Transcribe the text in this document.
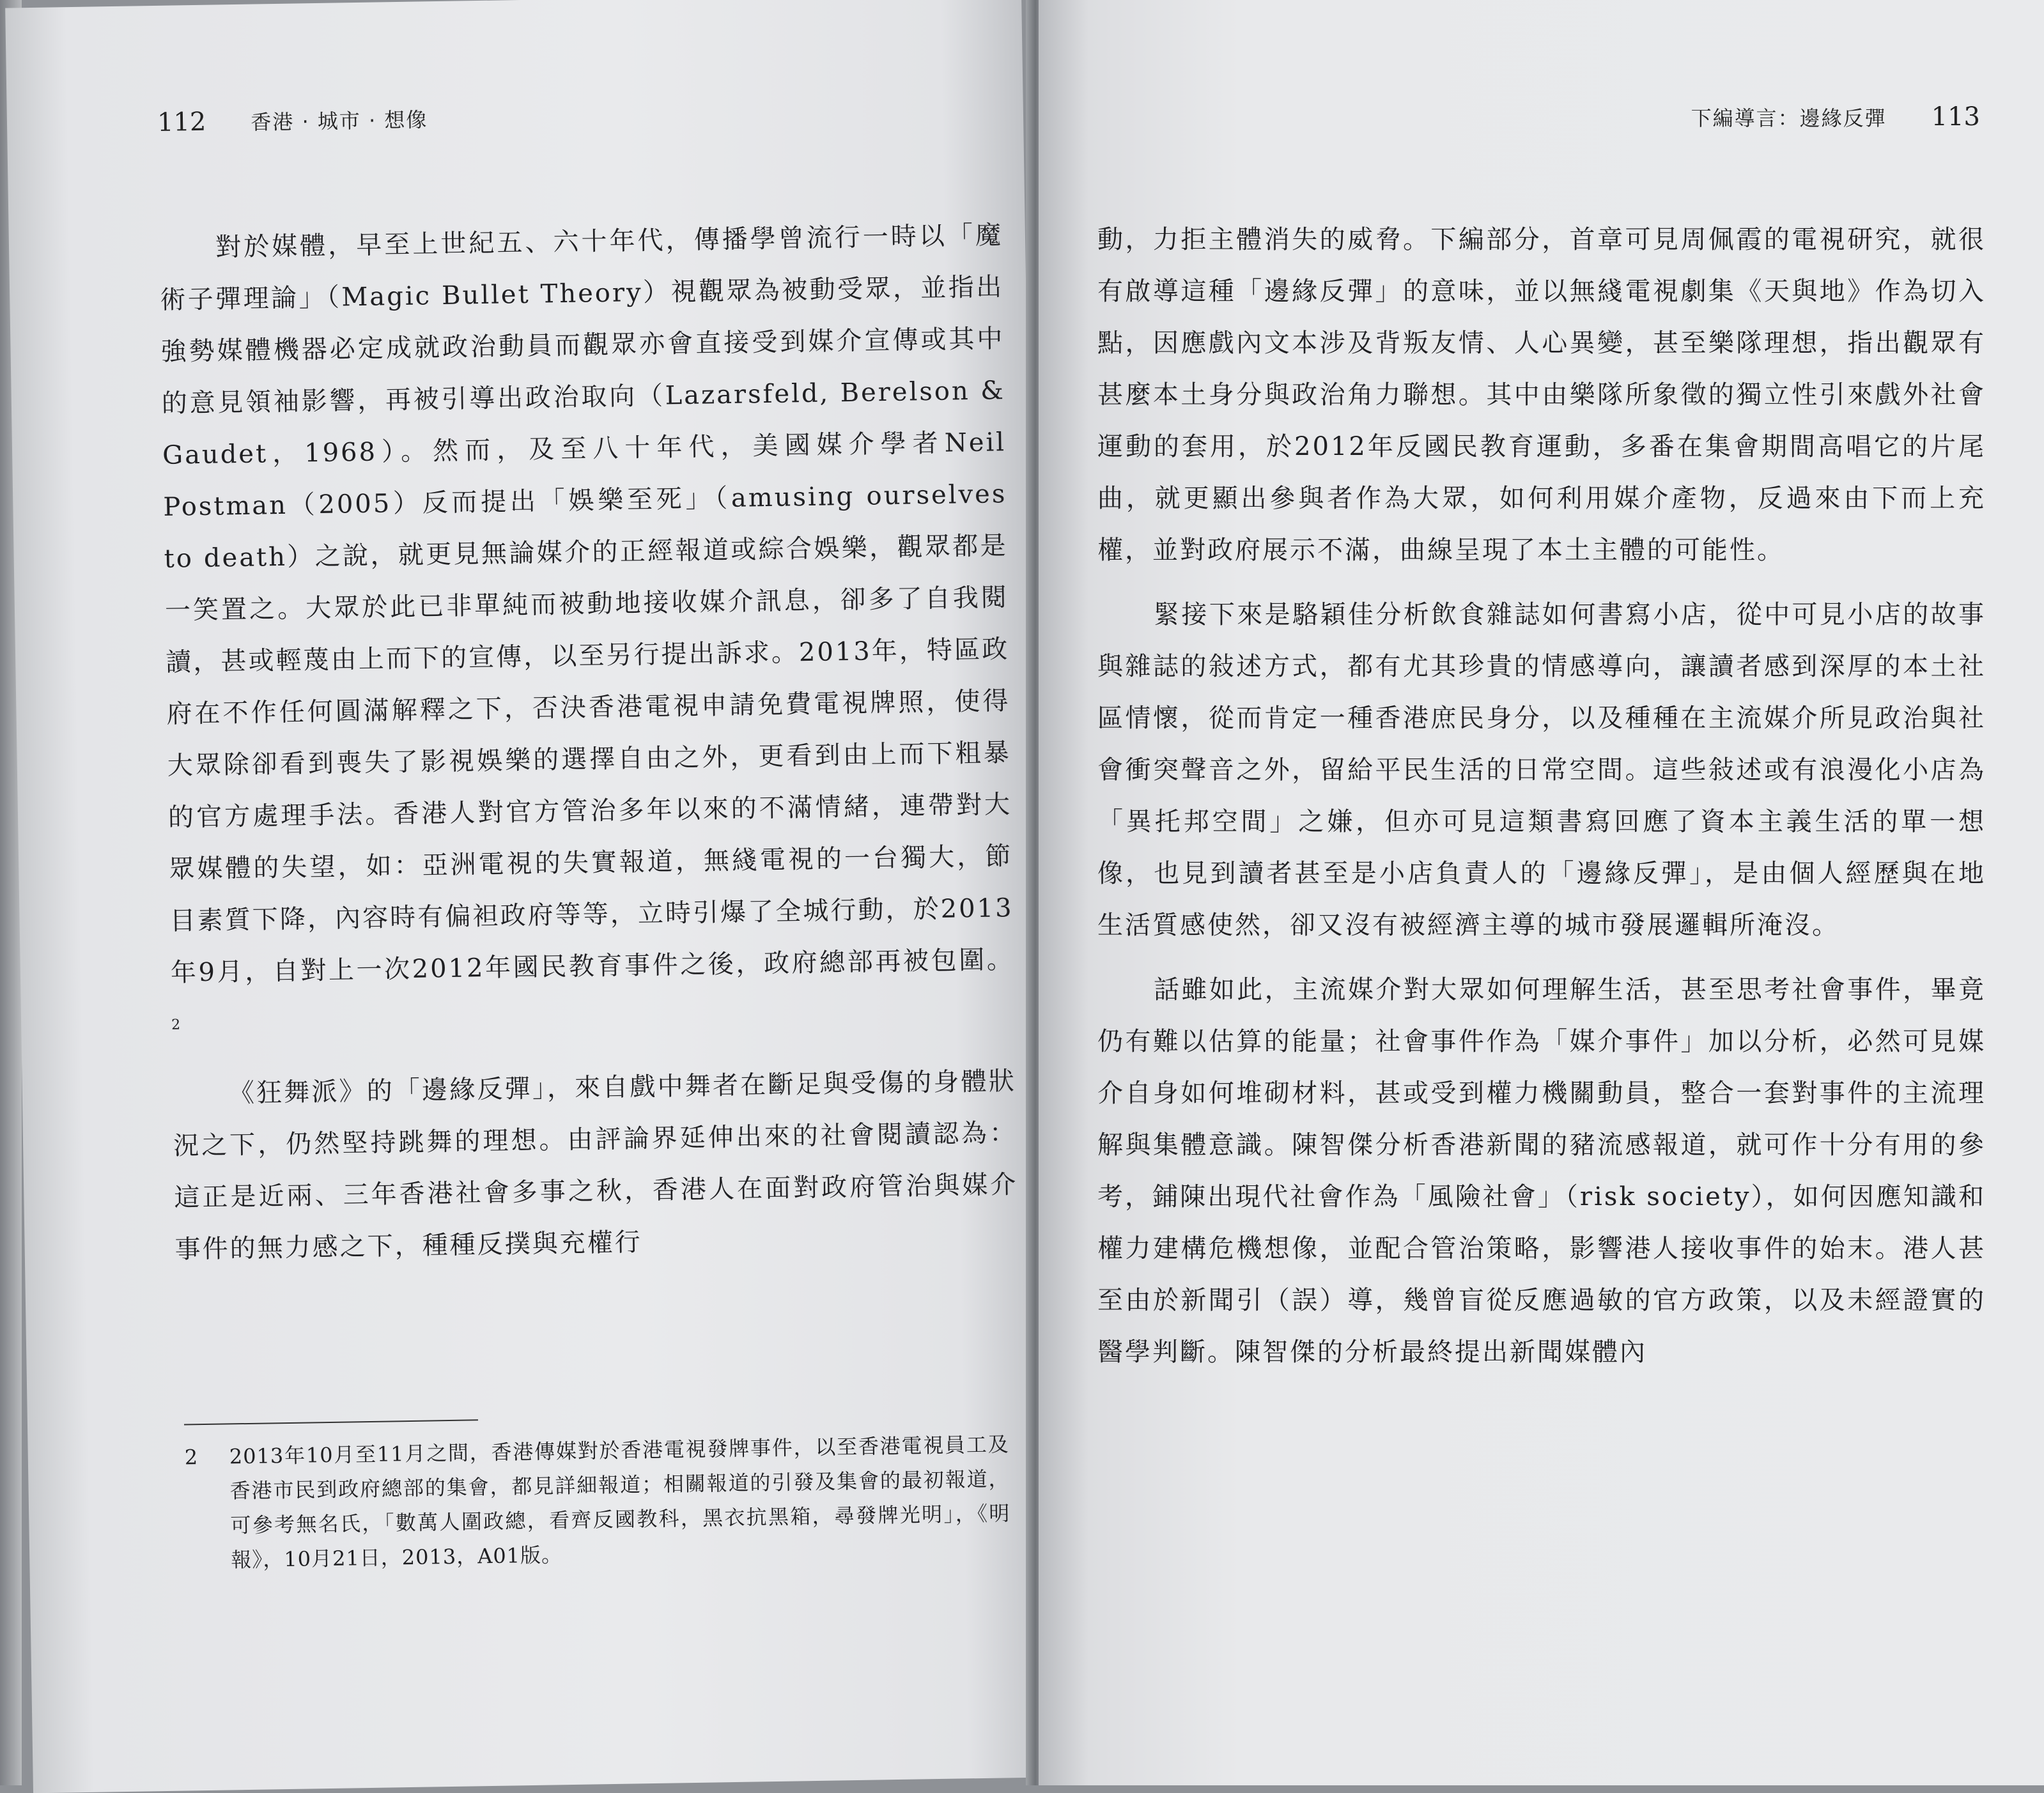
112 香港 · 城市 · 想像

對於媒體，早至上世紀五、六十年代，傳播學曾流行一時以「魔術子彈理論」（Magic Bullet Theory）視觀眾為被動受眾，並指出強勢媒體機器必定成就政治動員而觀眾亦會直接受到媒介宣傳或其中的意見領袖影響，再被引導出政治取向（Lazarsfeld, Berelson & Gaudet，1968）。然而，及至八十年代，美國媒介學者Neil Postman（2005）反而提出「娛樂至死」（amusing ourselves to death）之說，就更見無論媒介的正經報道或綜合娛樂，觀眾都是一笑置之。大眾於此已非單純而被動地接收媒介訊息，卻多了自我閱讀，甚或輕蔑由上而下的宣傳，以至另行提出訴求。2013年，特區政府在不作任何圓滿解釋之下，否決香港電視申請免費電視牌照，使得大眾除卻看到喪失了影視娛樂的選擇自由之外，更看到由上而下粗暴的官方處理手法。香港人對官方管治多年以來的不滿情緒，連帶對大眾媒體的失望，如：亞洲電視的失實報道，無綫電視的一台獨大，節目素質下降，內容時有偏袒政府等等，立時引爆了全城行動，於2013年9月，自對上一次2012年國民教育事件之後，政府總部再被包圍。$^2$

《狂舞派》的「邊緣反彈」，來自戲中舞者在斷足與受傷的身體狀況之下，仍然堅持跳舞的理想。由評論界延伸出來的社會閱讀認為：這正是近兩、三年香港社會多事之秋，香港人在面對政府管治與媒介事件的無力感之下，種種反撲與充權行

2 2013年10月至11月之間，香港傳媒對於香港電視發牌事件，以至香港電視員工及香港市民到政府總部的集會，都見詳細報道；相關報道的引發及集會的最初報道，可參考無名氏，「數萬人圍政總，看齊反國教科，黑衣抗黑箱，尋發牌光明」，《明報》，10月21日，2013，A01版。
下編導言：邊緣反彈 113

動，力拒主體消失的威脅。下編部分，首章可見周佩霞的電視研究，就很有啟導這種「邊緣反彈」的意味，並以無綫電視劇集《天與地》作為切入點，因應戲內文本涉及背叛友情、人心異變，甚至樂隊理想，指出觀眾有甚麼本土身分與政治角力聯想。其中由樂隊所象徵的獨立性引來戲外社會運動的套用，於2012年反國民教育運動，多番在集會期間高唱它的片尾曲，就更顯出參與者作為大眾，如何利用媒介產物，反過來由下而上充權，並對政府展示不滿，曲線呈現了本土主體的可能性。

緊接下來是駱穎佳分析飲食雜誌如何書寫小店，從中可見小店的故事與雜誌的敍述方式，都有尤其珍貴的情感導向，讓讀者感到深厚的本土社區情懷，從而肯定一種香港庶民身分，以及種種在主流媒介所見政治與社會衝突聲音之外，留給平民生活的日常空間。這些敍述或有浪漫化小店為「異托邦空間」之嫌，但亦可見這類書寫回應了資本主義生活的單一想像，也見到讀者甚至是小店負責人的「邊緣反彈」，是由個人經歷與在地生活質感使然，卻又沒有被經濟主導的城市發展邏輯所淹沒。

話雖如此，主流媒介對大眾如何理解生活，甚至思考社會事件，畢竟仍有難以估算的能量；社會事件作為「媒介事件」加以分析，必然可見媒介自身如何堆砌材料，甚或受到權力機關動員，整合一套對事件的主流理解與集體意識。陳智傑分析香港新聞的豬流感報道，就可作十分有用的參考，鋪陳出現代社會作為「風險社會」（risk society），如何因應知識和權力建構危機想像，並配合管治策略，影響港人接收事件的始末。港人甚至由於新聞引（誤）導，幾曾盲從反應過敏的官方政策，以及未經證實的醫學判斷。陳智傑的分析最終提出新聞媒體內
